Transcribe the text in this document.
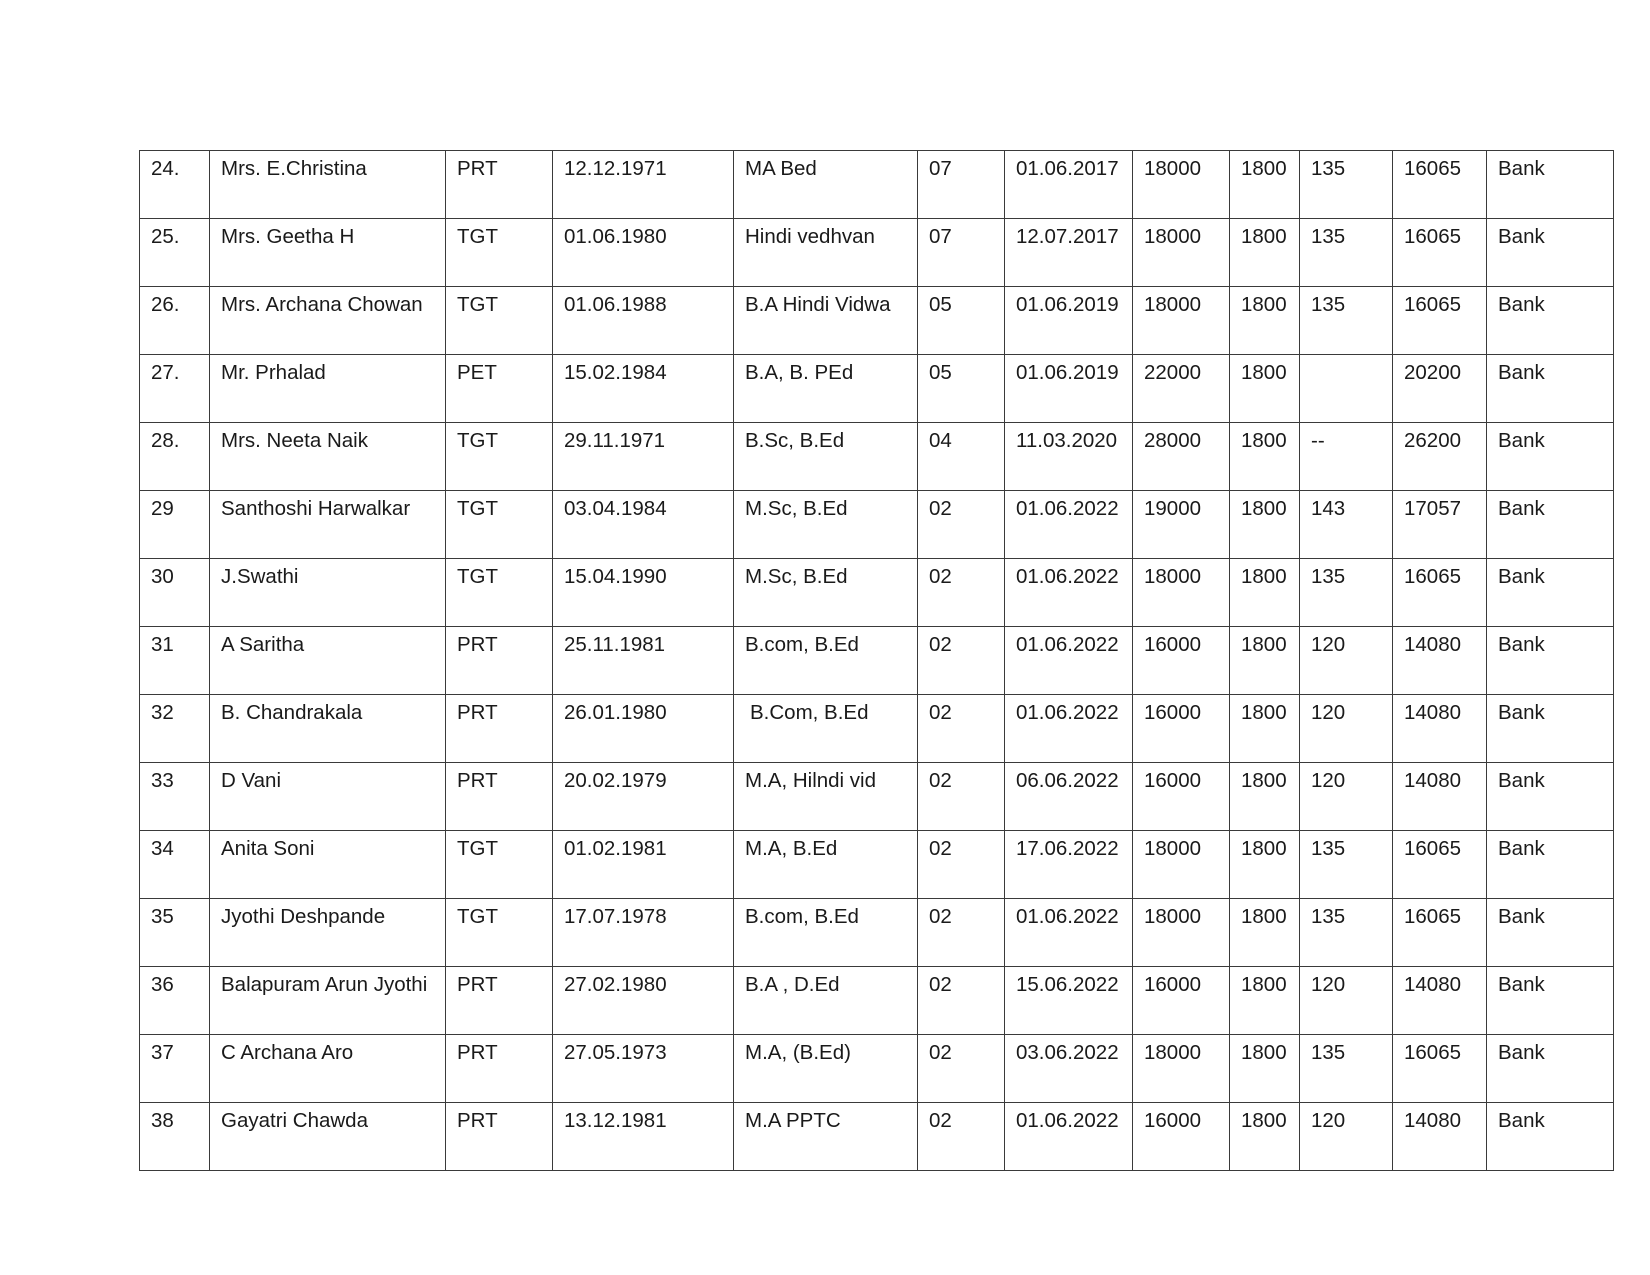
24.	Mrs. E.Christina	PRT	12.12.1971	MA Bed	07	01.06.2017	18000	1800	135	16065	Bank
25.	Mrs. Geetha H	TGT	01.06.1980	Hindi vedhvan	07	12.07.2017	18000	1800	135	16065	Bank
26.	Mrs. Archana Chowan	TGT	01.06.1988	B.A Hindi Vidwa	05	01.06.2019	18000	1800	135	16065	Bank
27.	Mr. Prhalad	PET	15.02.1984	B.A, B. PEd	05	01.06.2019	22000	1800		20200	Bank
28.	Mrs. Neeta Naik	TGT	29.11.1971	B.Sc, B.Ed	04	11.03.2020	28000	1800	--	26200	Bank
29	Santhoshi Harwalkar	TGT	03.04.1984	M.Sc, B.Ed	02	01.06.2022	19000	1800	143	17057	Bank
30	J.Swathi	TGT	15.04.1990	M.Sc, B.Ed	02	01.06.2022	18000	1800	135	16065	Bank
31	A Saritha	PRT	25.11.1981	B.com, B.Ed	02	01.06.2022	16000	1800	120	14080	Bank
32	B. Chandrakala	PRT	26.01.1980	B.Com, B.Ed	02	01.06.2022	16000	1800	120	14080	Bank
33	D Vani	PRT	20.02.1979	M.A, Hilndi vid	02	06.06.2022	16000	1800	120	14080	Bank
34	Anita Soni	TGT	01.02.1981	M.A, B.Ed	02	17.06.2022	18000	1800	135	16065	Bank
35	Jyothi Deshpande	TGT	17.07.1978	B.com, B.Ed	02	01.06.2022	18000	1800	135	16065	Bank
36	Balapuram Arun Jyothi	PRT	27.02.1980	B.A , D.Ed	02	15.06.2022	16000	1800	120	14080	Bank
37	C Archana Aro	PRT	27.05.1973	M.A, (B.Ed)	02	03.06.2022	18000	1800	135	16065	Bank
38	Gayatri Chawda	PRT	13.12.1981	M.A PPTC	02	01.06.2022	16000	1800	120	14080	Bank
